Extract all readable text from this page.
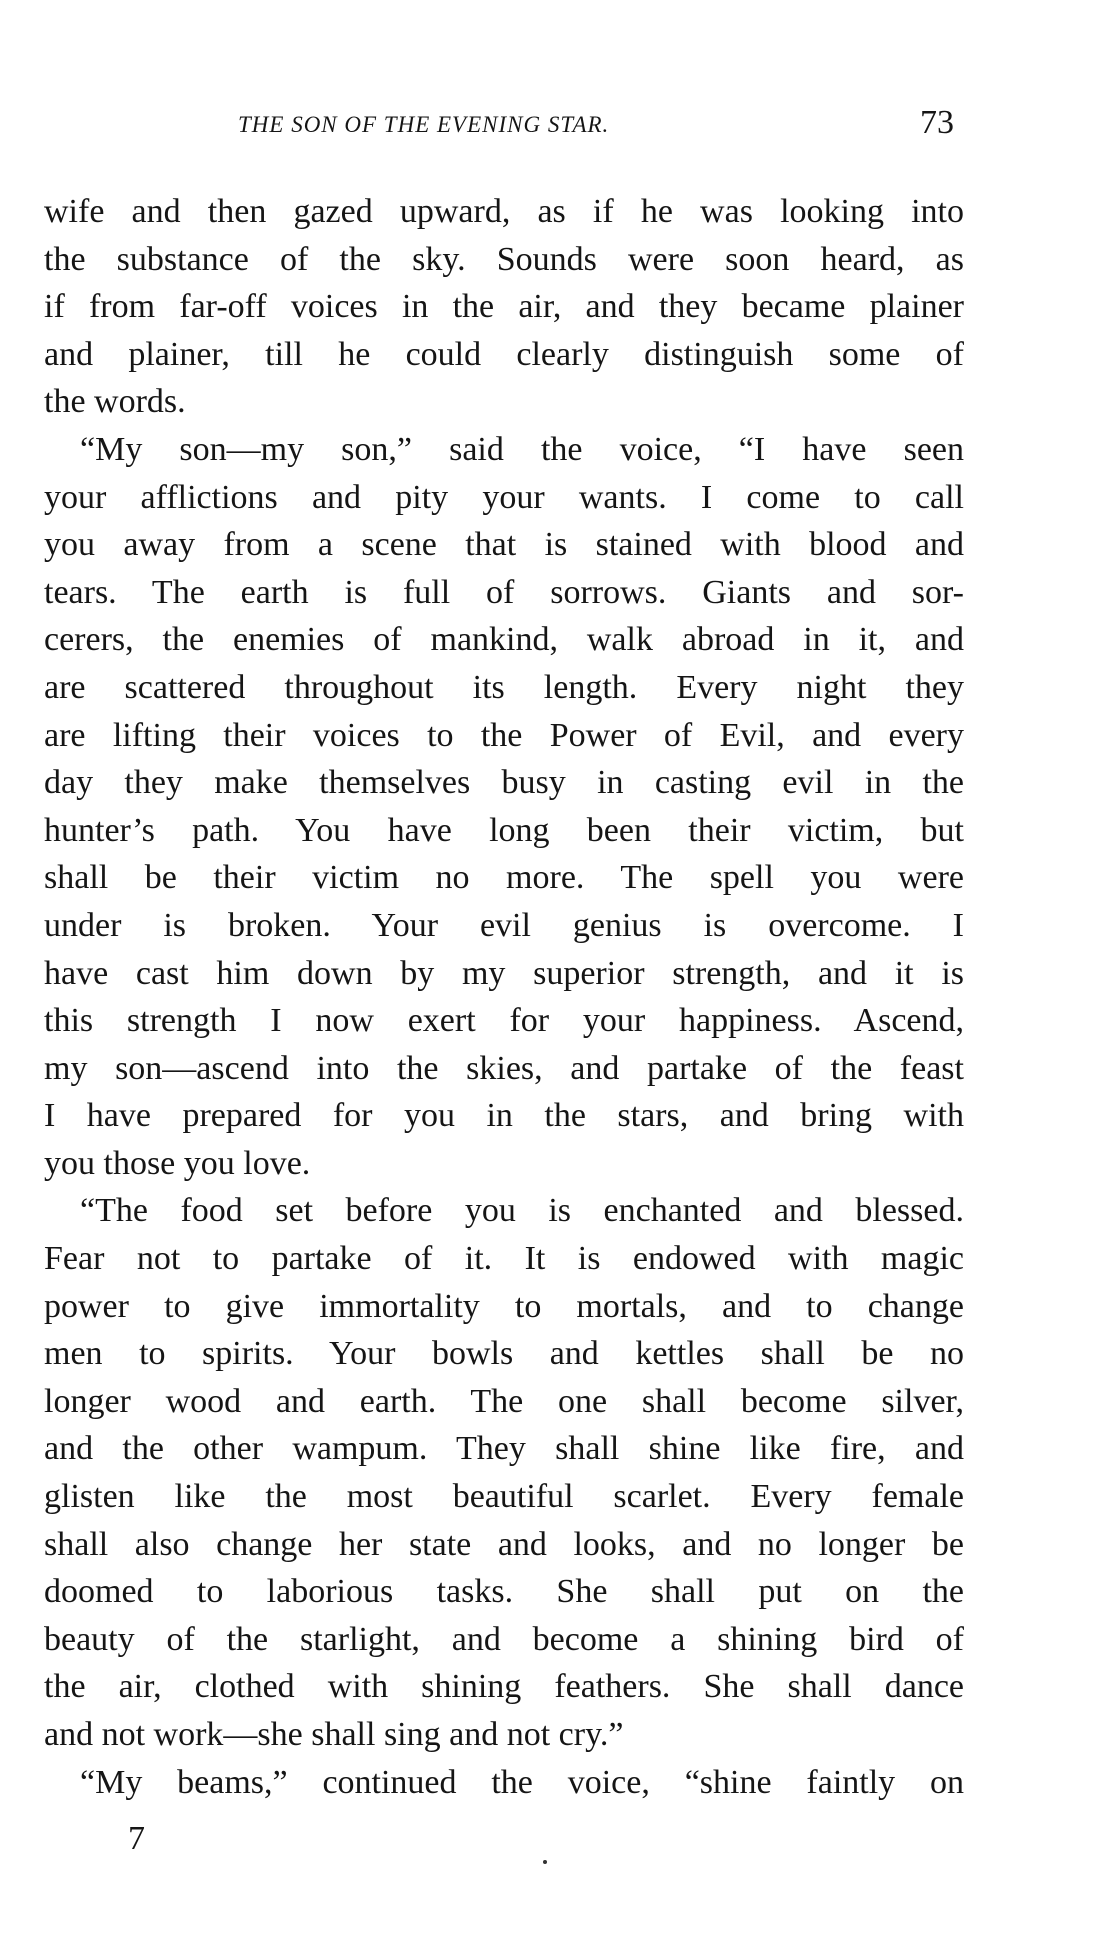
THE SON OF THE EVENING STAR.	73
wife and then gazed upward, as if he was looking into
the substance of the sky. Sounds were soon heard, as
if from far-off voices in the air, and they became plainer
and plainer, till he could clearly distinguish some of
the words.
“My son—my son,” said the voice, “I have seen
your afflictions and pity your wants. I come to call
you away from a scene that is stained with blood and
tears. The earth is full of sorrows. Giants and sor-
cerers, the enemies of mankind, walk abroad in it, and
are scattered throughout its length. Every night they
are lifting their voices to the Power of Evil, and every
day they make themselves busy in casting evil in the
hunter’s path. You have long been their victim, but
shall be their victim no more. The spell you were
under is broken. Your evil genius is overcome. I
have cast him down by my superior strength, and it is
this strength I now exert for your happiness. Ascend,
my son—ascend into the skies, and partake of the feast
I have prepared for you in the stars, and bring with
you those you love.
“The food set before you is enchanted and blessed.
Fear not to partake of it. It is endowed with magic
power to give immortality to mortals, and to change
men to spirits. Your bowls and kettles shall be no
longer wood and earth. The one shall become silver,
and the other wampum. They shall shine like fire, and
glisten like the most beautiful scarlet. Every female
shall also change her state and looks, and no longer be
doomed to laborious tasks. She shall put on the
beauty of the starlight, and become a shining bird of
the air, clothed with shining feathers. She shall dance
and not work—she shall sing and not cry.”
“My beams,” continued the voice, “shine faintly on
7
